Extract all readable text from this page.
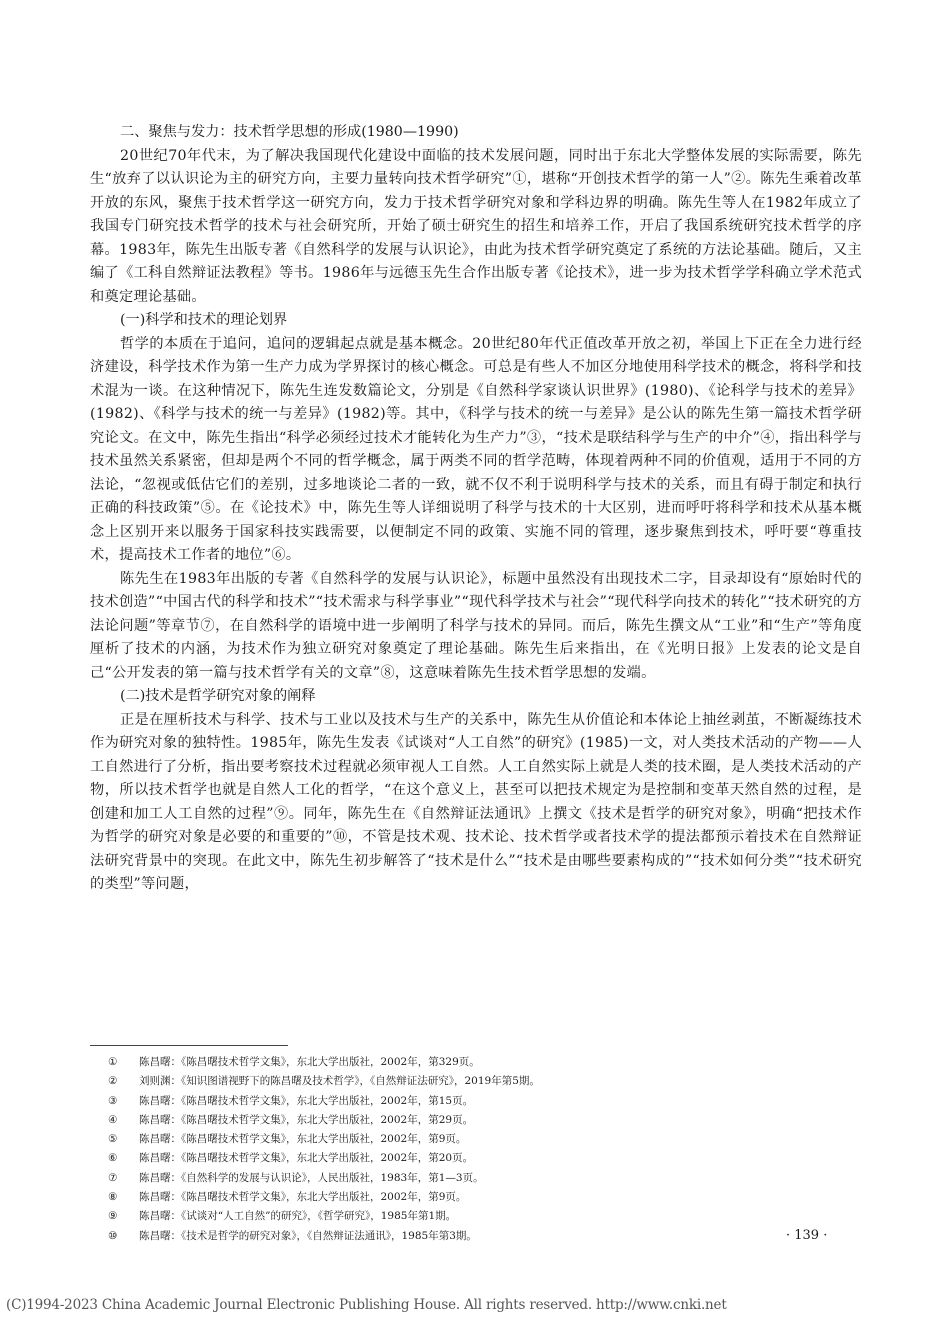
二、聚焦与发力：技术哲学思想的形成(1980—1990)

20世纪70年代末，为了解决我国现代化建设中面临的技术发展问题，同时出于东北大学整体发展的实际需要，陈先生“放弃了以认识论为主的研究方向，主要力量转向技术哲学研究”①，堪称“开创技术哲学的第一人”②。陈先生乘着改革开放的东风，聚焦于技术哲学这一研究方向，发力于技术哲学研究对象和学科边界的明确。陈先生等人在1982年成立了我国专门研究技术哲学的技术与社会研究所，开始了硕士研究生的招生和培养工作，开启了我国系统研究技术哲学的序幕。1983年，陈先生出版专著《自然科学的发展与认识论》，由此为技术哲学研究奠定了系统的方法论基础。随后，又主编了《工科自然辩证法教程》等书。1986年与远德玉先生合作出版专著《论技术》，进一步为技术哲学学科确立学术范式和奠定理论基础。

(一)科学和技术的理论划界

哲学的本质在于追问，追问的逻辑起点就是基本概念。20世纪80年代正值改革开放之初，举国上下正在全力进行经济建设，科学技术作为第一生产力成为学界探讨的核心概念。可总是有些人不加区分地使用科学技术的概念，将科学和技术混为一谈。在这种情况下，陈先生连发数篇论文，分别是《自然科学家谈认识世界》(1980)、《论科学与技术的差异》(1982)、《科学与技术的统一与差异》(1982)等。其中，《科学与技术的统一与差异》是公认的陈先生第一篇技术哲学研究论文。在文中，陈先生指出“科学必须经过技术才能转化为生产力”③，“技术是联结科学与生产的中介”④，指出科学与技术虽然关系紧密，但却是两个不同的哲学概念，属于两类不同的哲学范畴，体现着两种不同的价值观，适用于不同的方法论，“忽视或低估它们的差别，过多地谈论二者的一致，就不仅不利于说明科学与技术的关系，而且有碍于制定和执行正确的科技政策”⑤。在《论技术》中，陈先生等人详细说明了科学与技术的十大区别，进而呼吁将科学和技术从基本概念上区别开来以服务于国家科技实践需要，以便制定不同的政策、实施不同的管理，逐步聚焦到技术，呼吁要“尊重技术，提高技术工作者的地位”⑥。

陈先生在1983年出版的专著《自然科学的发展与认识论》，标题中虽然没有出现技术二字，目录却设有“原始时代的技术创造”“中国古代的科学和技术”“技术需求与科学事业”“现代科学技术与社会”“现代科学向技术的转化”“技术研究的方法论问题”等章节⑦，在自然科学的语境中进一步阐明了科学与技术的异同。而后，陈先生撰文从“工业”和“生产”等角度厘析了技术的内涵，为技术作为独立研究对象奠定了理论基础。陈先生后来指出，在《光明日报》上发表的论文是自己“公开发表的第一篇与技术哲学有关的文章”⑧，这意味着陈先生技术哲学思想的发端。

(二)技术是哲学研究对象的阐释

正是在厘析技术与科学、技术与工业以及技术与生产的关系中，陈先生从价值论和本体论上抽丝剥茧，不断凝练技术作为研究对象的独特性。1985年，陈先生发表《试谈对“人工自然”的研究》(1985)一文，对人类技术活动的产物——人工自然进行了分析，指出要考察技术过程就必须审视人工自然。人工自然实际上就是人类的技术圈，是人类技术活动的产物，所以技术哲学也就是自然人工化的哲学，“在这个意义上，甚至可以把技术规定为是控制和变革天然自然的过程，是创建和加工人工自然的过程”⑨。同年，陈先生在《自然辩证法通讯》上撰文《技术是哲学的研究对象》，明确“把技术作为哲学的研究对象是必要的和重要的”⑩，不管是技术观、技术论、技术哲学或者技术学的提法都预示着技术在自然辩证法研究背景中的突现。在此文中，陈先生初步解答了“技术是什么”“技术是由哪些要素构成的”“技术如何分类”“技术研究的类型”等问题，

①	陈昌曙：《陈昌曙技术哲学文集》，东北大学出版社，2002年，第329页。
②	刘则渊：《知识图谱视野下的陈昌曙及技术哲学》，《自然辩证法研究》，2019年第5期。
③	陈昌曙：《陈昌曙技术哲学文集》，东北大学出版社，2002年，第15页。
④	陈昌曙：《陈昌曙技术哲学文集》，东北大学出版社，2002年，第29页。
⑤	陈昌曙：《陈昌曙技术哲学文集》，东北大学出版社，2002年，第9页。
⑥	陈昌曙：《陈昌曙技术哲学文集》，东北大学出版社，2002年，第20页。
⑦	陈昌曙：《自然科学的发展与认识论》，人民出版社，1983年，第1—3页。
⑧	陈昌曙：《陈昌曙技术哲学文集》，东北大学出版社，2002年，第9页。
⑨	陈昌曙：《试谈对“人工自然”的研究》，《哲学研究》，1985年第1期。
⑩	陈昌曙：《技术是哲学的研究对象》，《自然辩证法通讯》，1985年第3期。	· 139 ·
(C)1994-2023 China Academic Journal Electronic Publishing House. All rights reserved. http://www.cnki.net
